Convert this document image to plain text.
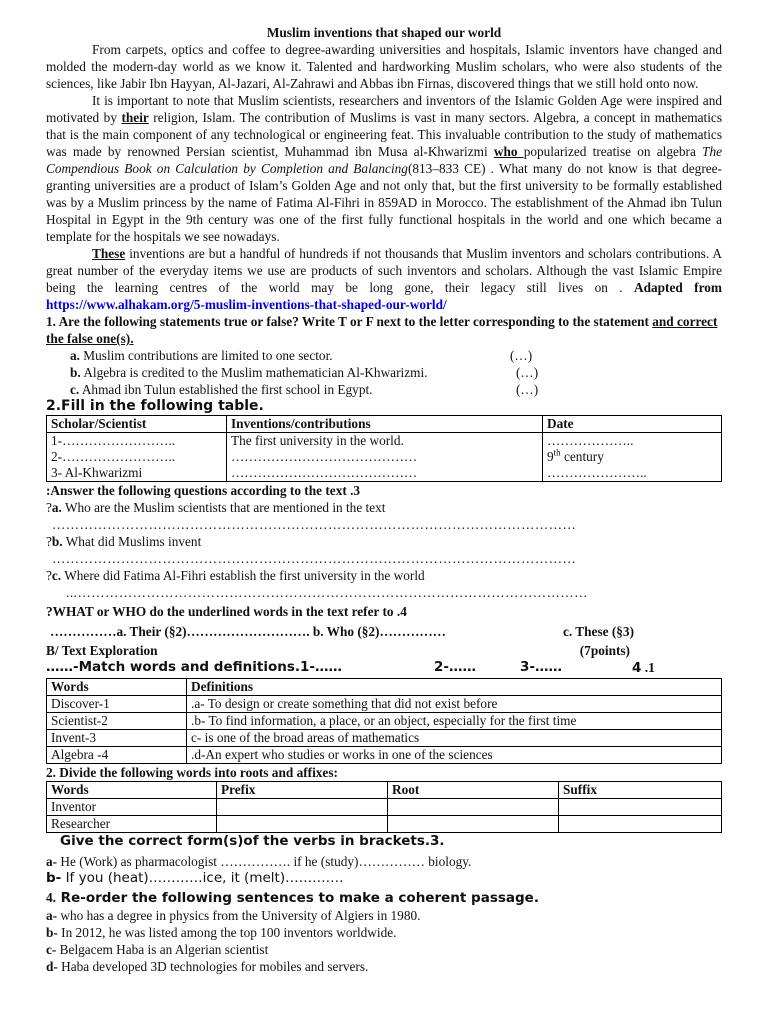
Muslim inventions that shaped our world

From carpets, optics and coffee to degree-awarding universities and hospitals, Islamic inventors have changed and molded the modern-day world as we know it. Talented and hardworking Muslim scholars, who were also students of the sciences, like Jabir Ibn Hayyan, Al-Jazari, Al-Zahrawi and Abbas ibn Firnas, discovered things that we still hold onto now.

It is important to note that Muslim scientists, researchers and inventors of the Islamic Golden Age were inspired and motivated by their religion, Islam. The contribution of Muslims is vast in many sectors. Algebra, a concept in mathematics that is the main component of any technological or engineering feat. This invaluable contribution to the study of mathematics was made by renowned Persian scientist, Muhammad ibn Musa al-Khwarizmi who popularized treatise on algebra The Compendious Book on Calculation by Completion and Balancing(813–833 CE) . What many do not know is that degree-granting universities are a product of Islam’s Golden Age and not only that, but the first university to be formally established was by a Muslim princess by the name of Fatima Al-Fihri in 859AD in Morocco. The establishment of the Ahmad ibn Tulun Hospital in Egypt in the 9th century was one of the first fully functional hospitals in the world and one which became a template for the hospitals we see nowadays.

These inventions are but a handful of hundreds if not thousands that Muslim inventors and scholars contributions. A great number of the everyday items we use are products of such inventors and scholars. Although the vast Islamic Empire being the learning centres of the world may be long gone, their legacy still lives on . Adapted from https://www.alhakam.org/5-muslim-inventions-that-shaped-our-world/

1. Are the following statements true or false? Write T or F next to the letter corresponding to the statement and correct the false one(s).

a. Muslim contributions are limited to one sector.	(…)
b. Algebra is credited to the Muslim mathematician Al-Khwarizmi.	(…)
c. Ahmad ibn Tulun established the first school in Egypt.	(…)

2.Fill in the following table.

Scholar/Scientist	Inventions/contributions	Date
1-……………………..	The first university in the world.	………………..
2-……………………..	……………………………………	9th century
3- Al-Khwarizmi	……………………………………	…………………..

:Answer the following questions according to the text .3

?a. Who are the Muslim scientists that are mentioned in the text

……………………………………………………………………………………………………

?b. What did Muslims invent

……………………………………………………………………………………………………

?c. Where did Fatima Al-Fihri establish the first university in the world

...…………………………………………………………………………………………………

?WHAT or WHO do the underlined words in the text refer to .4

……………a. Their (§2)………………………. b. Who (§2)……………	c. These (§3)
B/ Text Exploration	(7points)
……-Match words and definitions.1-……	2-……	3-……	4 .1
Words	Definitions
Discover-1	.a- To design or create something that did not exist before
Scientist-2	.b- To find information, a place, or an object, especially for the first time
Invent-3	c- is one of the broad areas of mathematics
Algebra -4	.d-An expert who studies or works in one of the sciences

2. Divide the following words into roots and affixes:

Words	Prefix	Root	Suffix
Inventor			
Researcher			

Give the correct form(s)of the verbs in brackets.3.

a- He (Work) as pharmacologist ……………. if he (study)…………… biology.

b- If you (heat)…………ice, it (melt)………….

4. Re-order the following sentences to make a coherent passage.

a- who has a degree in physics from the University of Algiers in 1980.

b- In 2012, he was listed among the top 100 inventors worldwide.

c- Belgacem Haba is an Algerian scientist

d- Haba developed 3D technologies for mobiles and servers.
